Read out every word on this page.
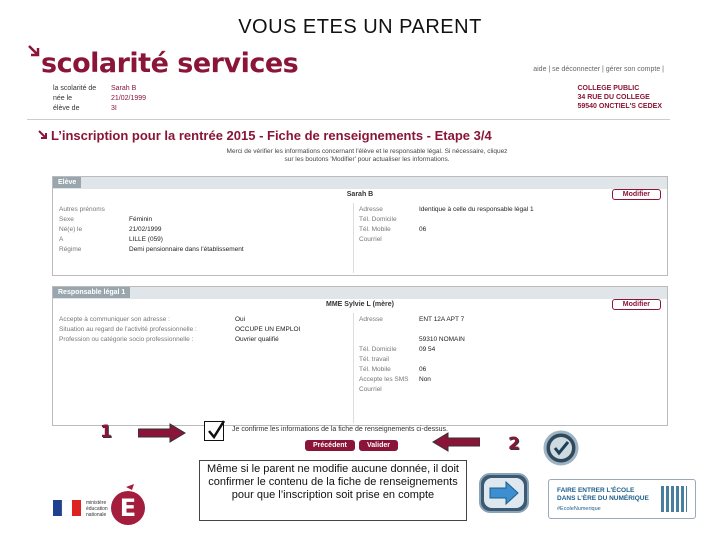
VOUS ETES UN PARENT
scolarité services	aide | se déconnecter | gérer son compte |
la scolarité de Sarah B
née le	21/02/1999
élève de	3I
COLLEGE PUBLIC
34 RUE DU COLLEGE
59540 ONCTIEL'S CEDEX
L’inscription pour la rentrée 2015 - Fiche de renseignements - Etape 3/4
Merci de vérifier les informations concernant l'élève et le responsable légal. Si nécessaire, cliquez sur les boutons 'Modifier' pour actualiser les informations.
Elève
Sarah B	Modifier
Autres prénoms
Sexe	Féminin
Né(e) le	21/02/1999
A	LILLE (059)
Régime	Demi pensionnaire dans l'établissement
Adresse	Identique à celle du responsable légal 1
Tél. Domicile
Tél. Mobile	06
Courriel
Responsable légal 1
MME Sylvie L (mère)	Modifier
Accepte à communiquer son adresse :	Oui
Situation au regard de l'activité professionnelle :	OCCUPE UN EMPLOI
Profession ou catégorie socio professionnelle :	Ouvrier qualifié
Adresse	ENT 12A APT 7
59310 NOMAIN
Tél. Domicile	09 54
Tél. travail
Tél. Mobile	06
Accepte les SMS Non
Courriel
1	Je confirme les informations de la fiche de renseignements ci-dessus.
Précédent	Valider	2
Même si le parent ne modifie aucune donnée, il doit confirmer le contenu de la fiche de renseignements pour que l’inscription soit prise en compte
ministère éducation nationale E
FAIRE ENTRER L'ÉCOLE
DANS L'ÈRE DU NUMÉRIQUE
#EcoleNumerique
